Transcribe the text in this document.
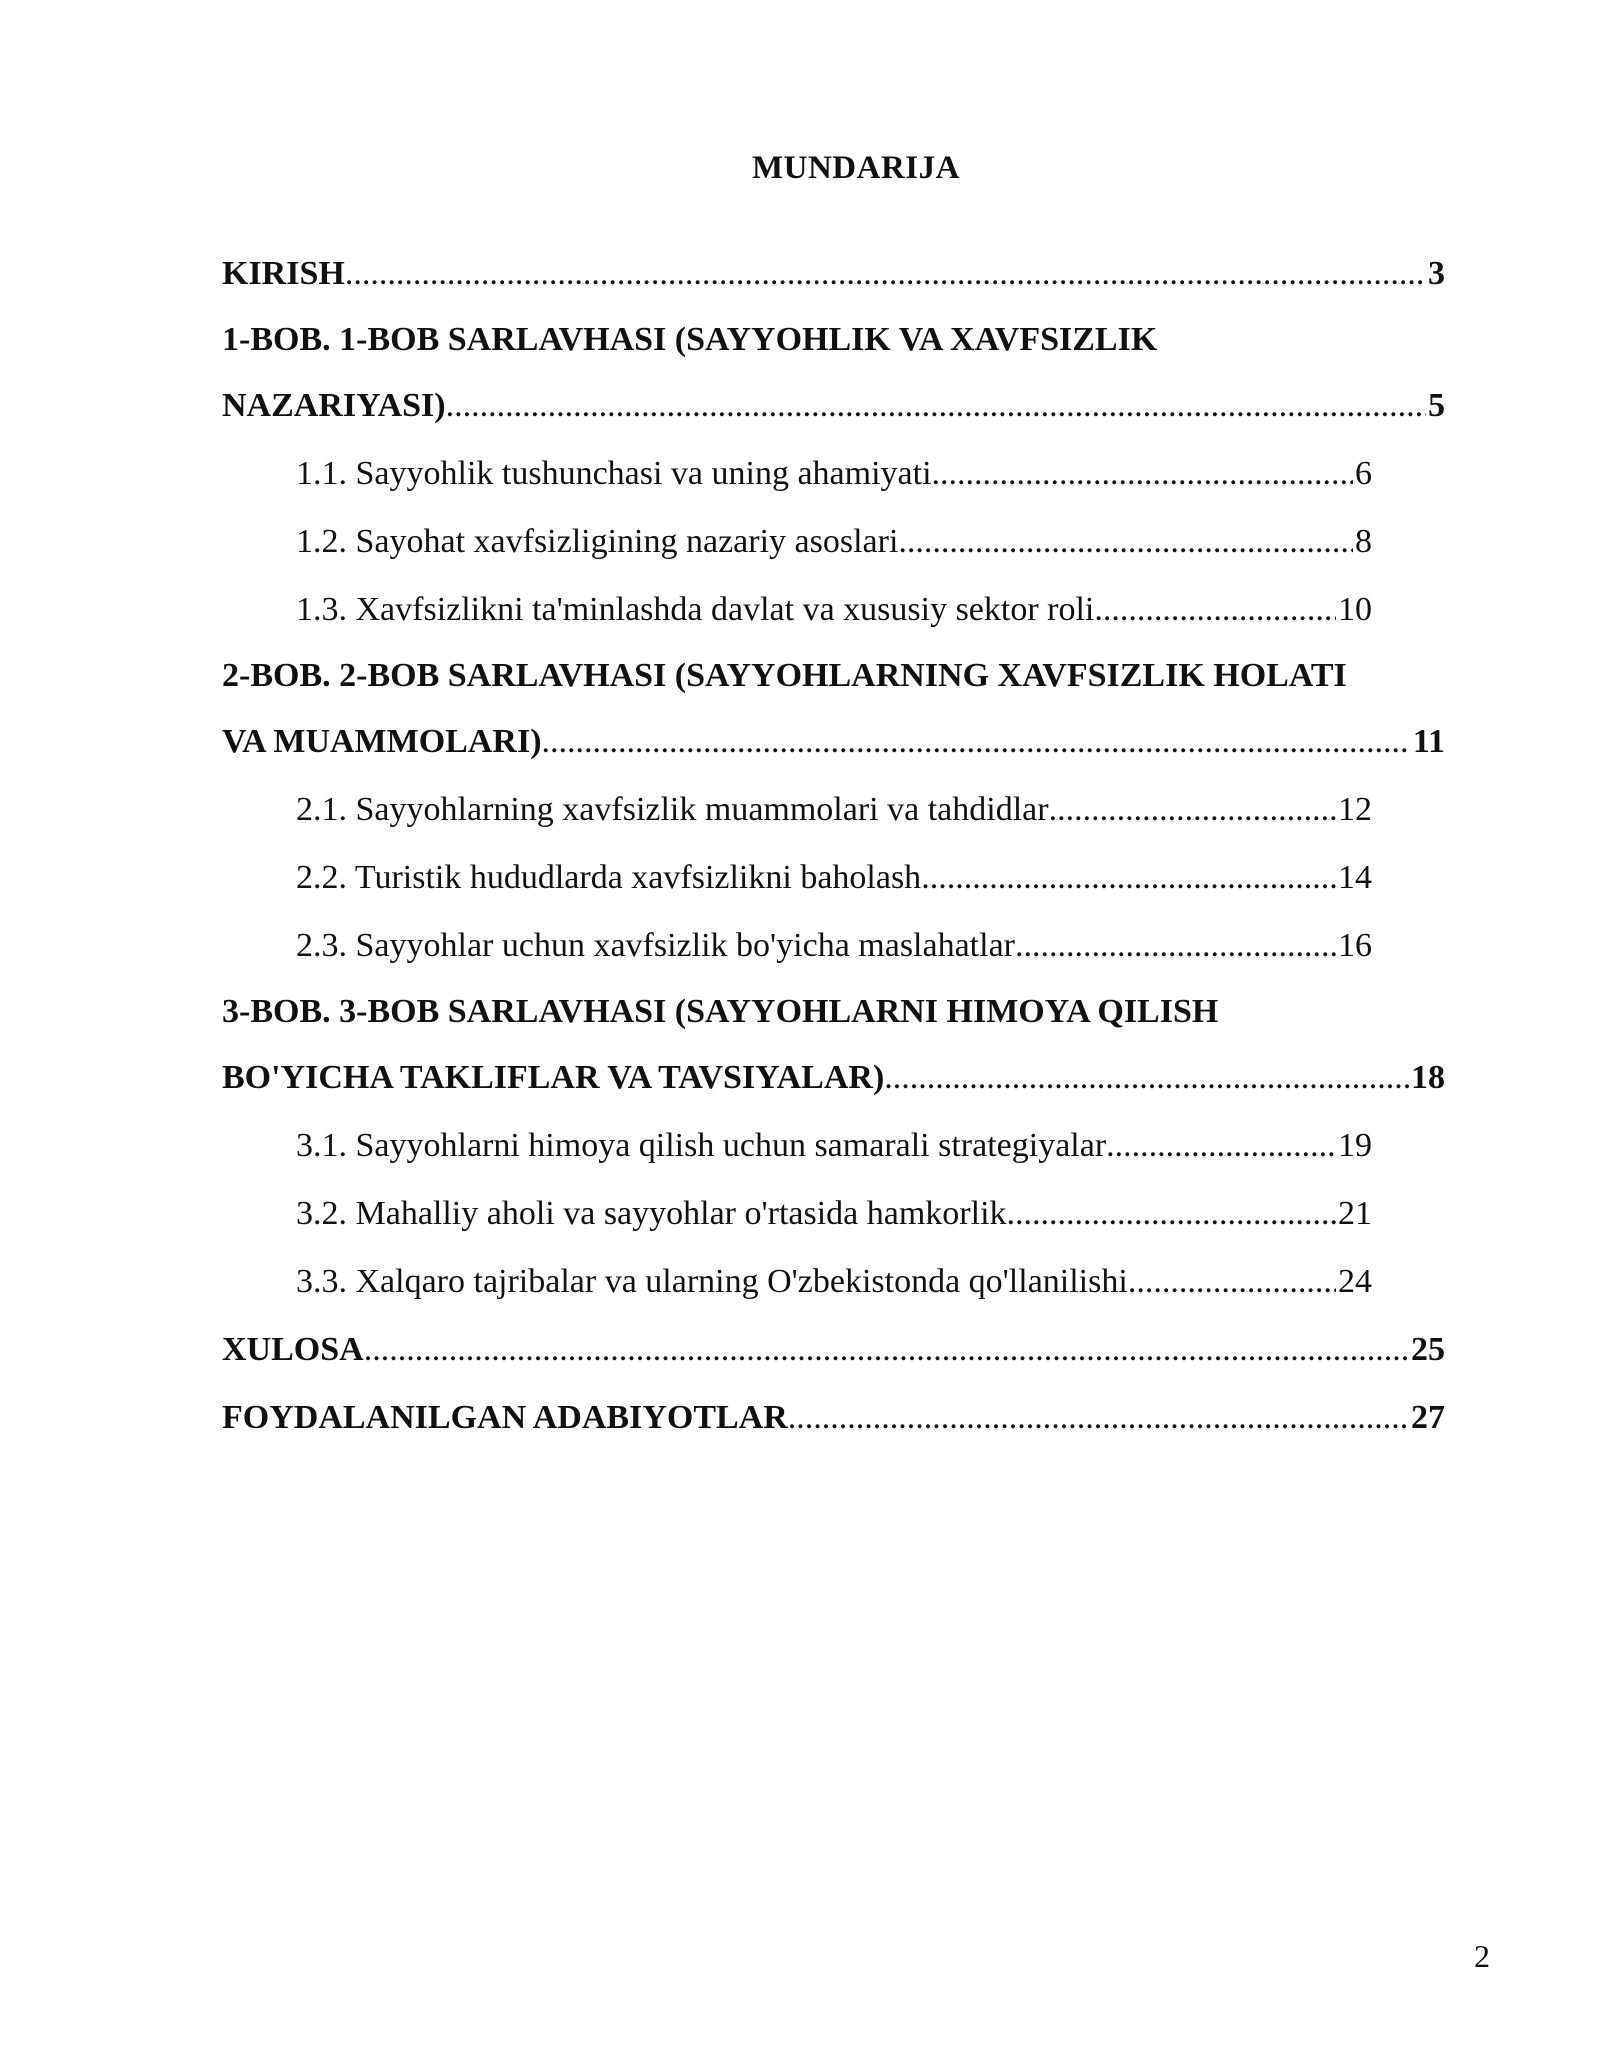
MUNDARIJA
KIRISH .....	3
1-BOB. 1-BOB SARLAVHASI (SAYYOHLIK VA XAVFSIZLIK
NAZARIYASI) .....	5
1.1. Sayyohlik tushunchasi va uning ahamiyati .....	6
1.2. Sayohat xavfsizligining nazariy asoslari .....	8
1.3. Xavfsizlikni ta'minlashda davlat va xususiy sektor roli .....	10
2-BOB. 2-BOB SARLAVHASI (SAYYOHLARNING XAVFSIZLIK HOLATI
VA MUAMMOLARI) .....	11
2.1. Sayyohlarning xavfsizlik muammolari va tahdidlar .....	12
2.2. Turistik hududlarda xavfsizlikni baholash .....	14
2.3. Sayyohlar uchun xavfsizlik bo'yicha maslahatlar .....	16
3-BOB. 3-BOB SARLAVHASI (SAYYOHLARNI HIMOYA QILISH
BO'YICHA TAKLIFLAR VA TAVSIYALAR) .....	18
3.1. Sayyohlarni himoya qilish uchun samarali strategiyalar .....	19
3.2. Mahalliy aholi va sayyohlar o'rtasida hamkorlik .....	21
3.3. Xalqaro tajribalar va ularning O'zbekistonda qo'llanilishi .....	24
XULOSA .....	25
FOYDALANILGAN ADABIYOTLAR .....	27
2
